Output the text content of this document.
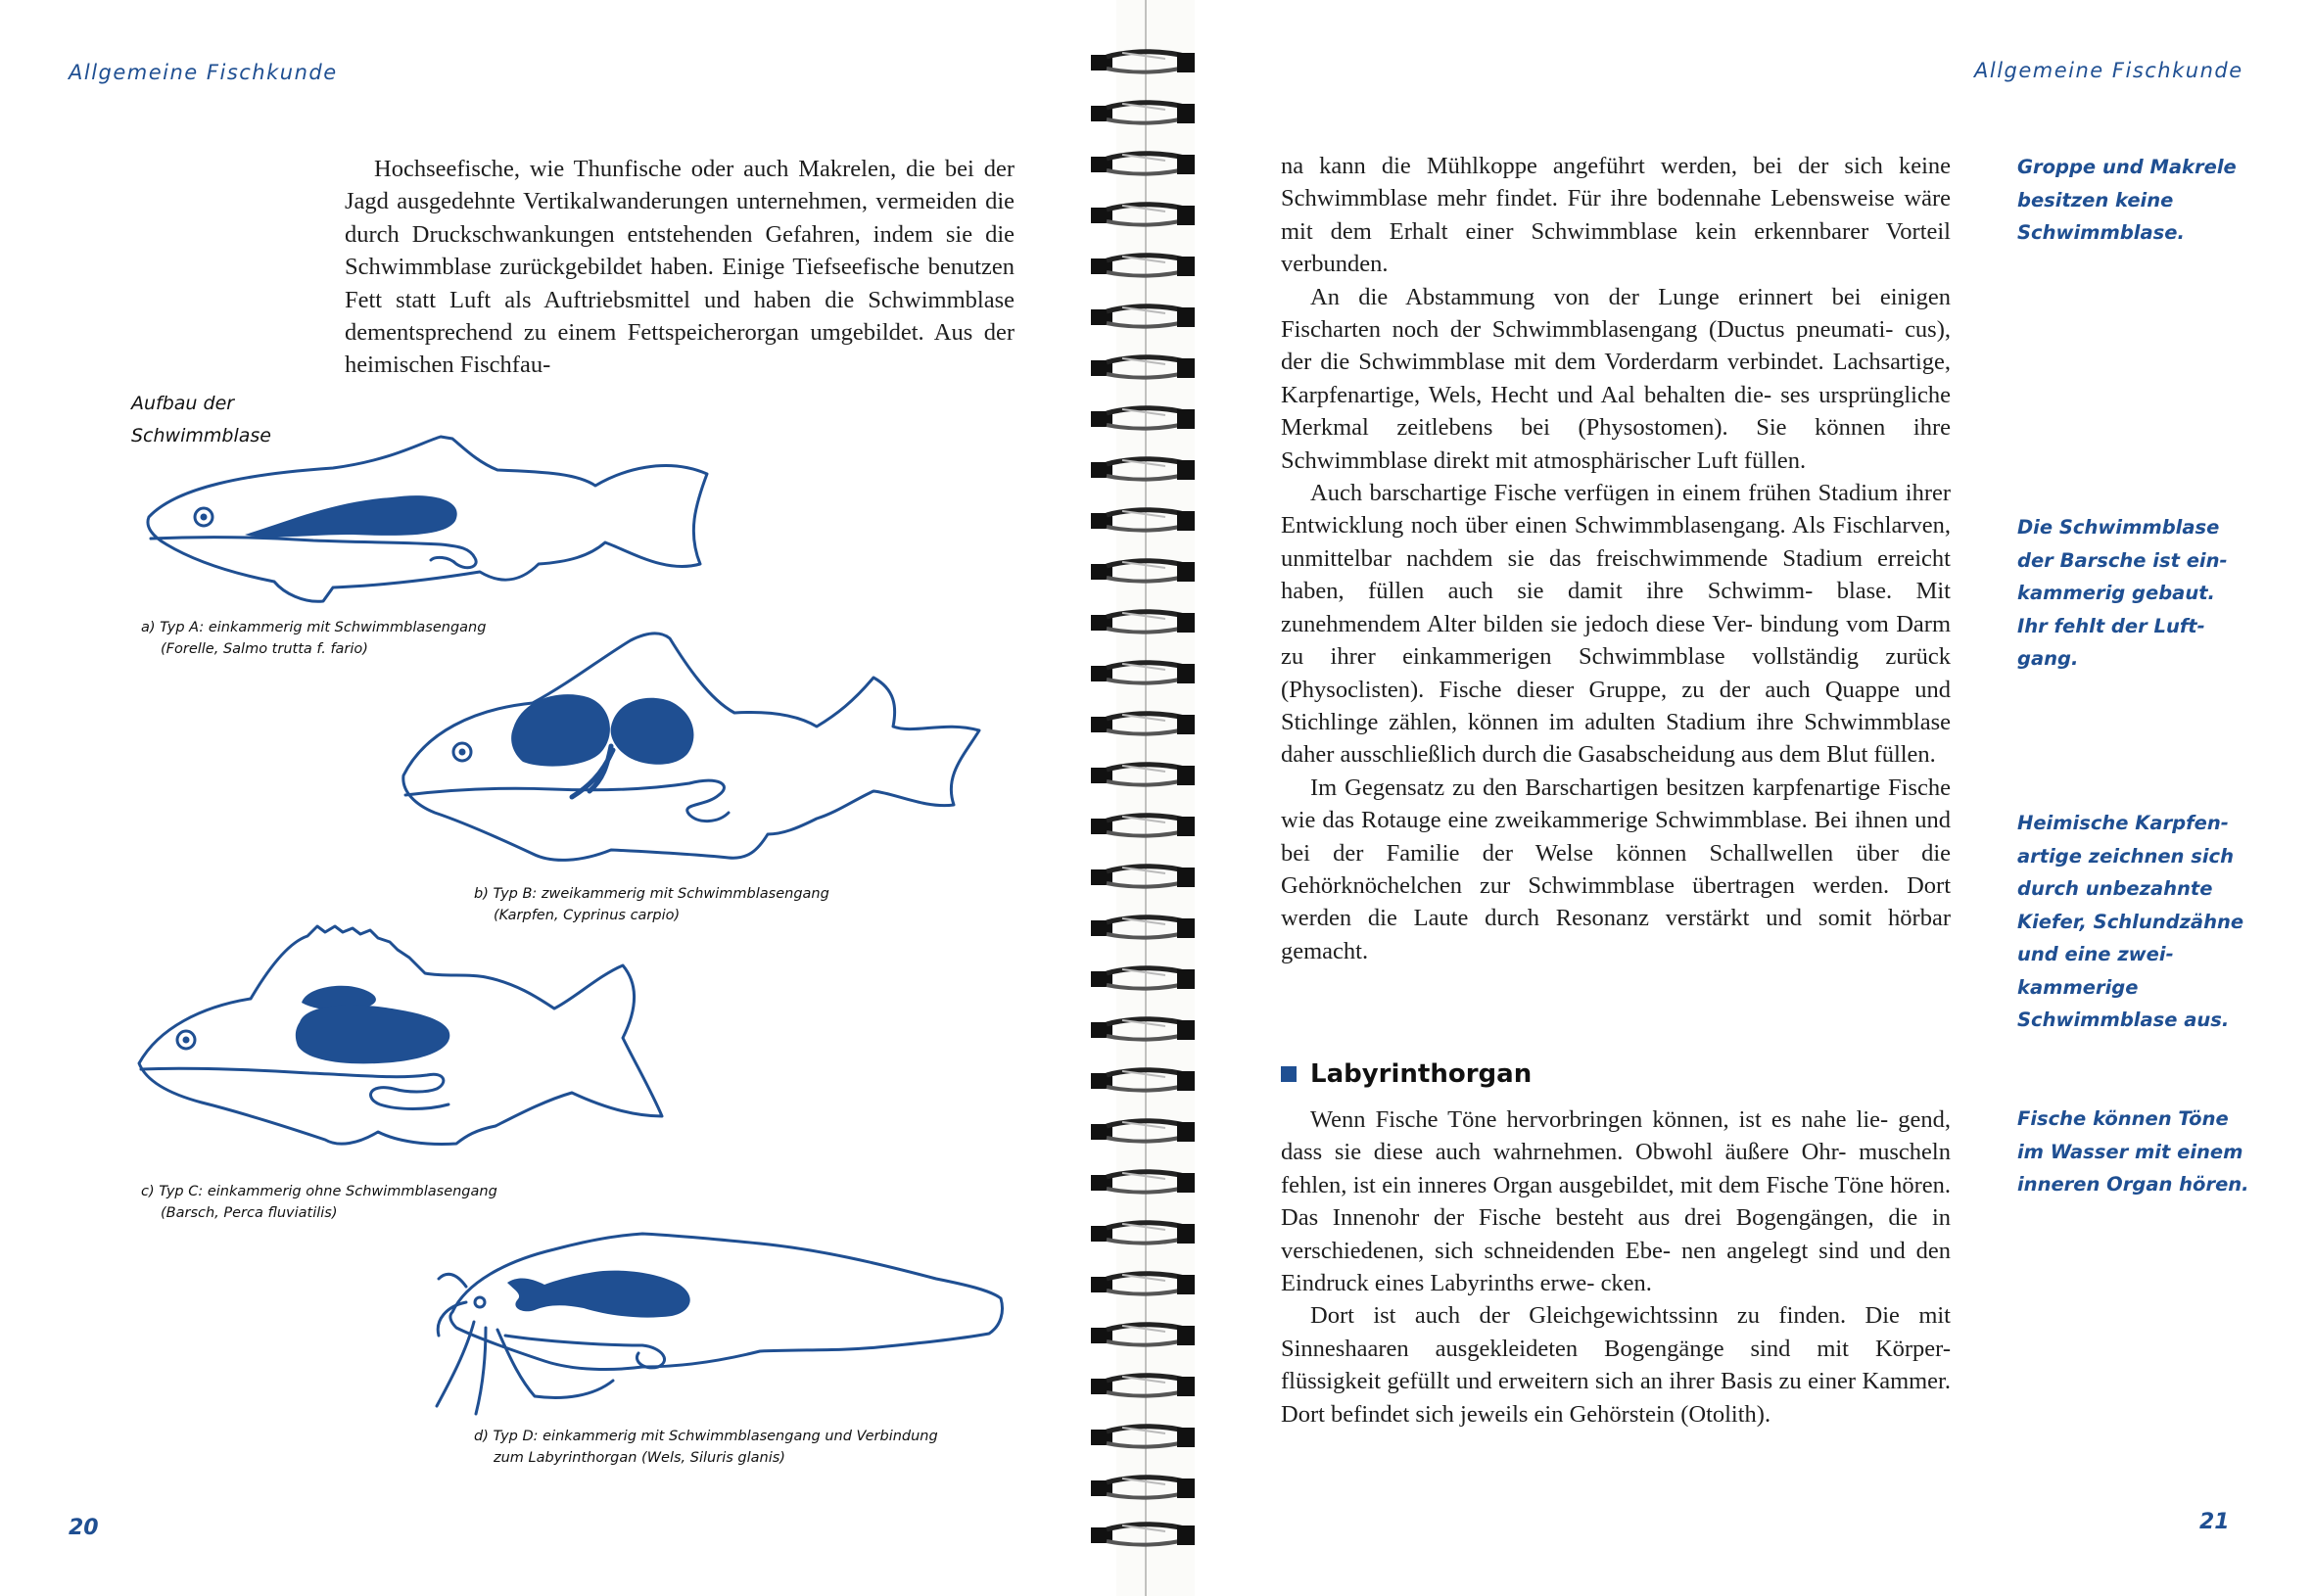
Allgemeine Fischkunde

Hochseefische, wie Thunfische oder auch Makrelen, die bei der Jagd ausgedehnte Vertikalwanderungen unternehmen, vermeiden die durch Druckschwankungen entstehenden Gefahren, indem sie die Schwimmblase zurückgebildet haben. Einige Tiefseefische benutzen Fett statt Luft als Auftriebsmittel und haben die Schwimmblase dementsprechend zu einem Fettspeicherorgan umgebildet. Aus der heimischen Fischfau-

Aufbau der
Schwimmblase
a) Typ A: einkammerig mit Schwimmblasengang
(Forelle, Salmo trutta f. fario)
b) Typ B: zweikammerig mit Schwimmblasengang
(Karpfen, Cyprinus carpio)
c) Typ C: einkammerig ohne Schwimmblasengang
(Barsch, Perca fluviatilis)
d) Typ D: einkammerig mit Schwimmblasengang und Verbindung
zum Labyrinthorgan (Wels, Siluris glanis)
20
Allgemeine Fischkunde
21

na kann die Mühlkoppe angeführt werden, bei der sich keine Schwimmblase mehr findet. Für ihre bodennahe Lebensweise wäre mit dem Erhalt einer Schwimmblase kein erkennbarer Vorteil verbunden.

An die Abstammung von der Lunge erinnert bei einigen Fischarten noch der Schwimmblasengang (Ductus pneumati- cus), der die Schwimmblase mit dem Vorderdarm verbindet. Lachsartige, Karpfenartige, Wels, Hecht und Aal behalten die- ses ursprüngliche Merkmal zeitlebens bei (Physostomen). Sie können ihre Schwimmblase direkt mit atmosphärischer Luft füllen.

Auch barschartige Fische verfügen in einem frühen Stadium ihrer Entwicklung noch über einen Schwimmblasengang. Als Fischlarven, unmittelbar nachdem sie das freischwimmende Stadium erreicht haben, füllen auch sie damit ihre Schwimm- blase. Mit zunehmendem Alter bilden sie jedoch diese Ver- bindung vom Darm zu ihrer einkammerigen Schwimmblase vollständig zurück (Physoclisten). Fische dieser Gruppe, zu der auch Quappe und Stichlinge zählen, können im adulten Stadium ihre Schwimmblase daher ausschließlich durch die Gasabscheidung aus dem Blut füllen.

Im Gegensatz zu den Barschartigen besitzen karpfenartige Fische wie das Rotauge eine zweikammerige Schwimmblase. Bei ihnen und bei der Familie der Welse können Schallwellen über die Gehörknöchelchen zur Schwimmblase übertragen werden. Dort werden die Laute durch Resonanz verstärkt und somit hörbar gemacht.

Labyrinthorgan

Wenn Fische Töne hervorbringen können, ist es nahe lie- gend, dass sie diese auch wahrnehmen. Obwohl äußere Ohr- muscheln fehlen, ist ein inneres Organ ausgebildet, mit dem Fische Töne hören. Das Innenohr der Fische besteht aus drei Bogengängen, die in verschiedenen, sich schneidenden Ebe- nen angelegt sind und den Eindruck eines Labyrinths erwe- cken.

Dort ist auch der Gleichgewichtssinn zu finden. Die mit Sinneshaaren ausgekleideten Bogengänge sind mit Körper- flüssigkeit gefüllt und erweitern sich an ihrer Basis zu einer Kammer. Dort befindet sich jeweils ein Gehörstein (Otolith).

Groppe und Makrele
besitzen keine
Schwimmblase.
Die Schwimmblase
der Barsche ist ein-
kammerig gebaut.
Ihr fehlt der Luft-
gang.
Heimische Karpfen-
artige zeichnen sich
durch unbezahnte
Kiefer, Schlundzähne
und eine zwei-
kammerige
Schwimmblase aus.
Fische können Töne
im Wasser mit einem
inneren Organ hören.
